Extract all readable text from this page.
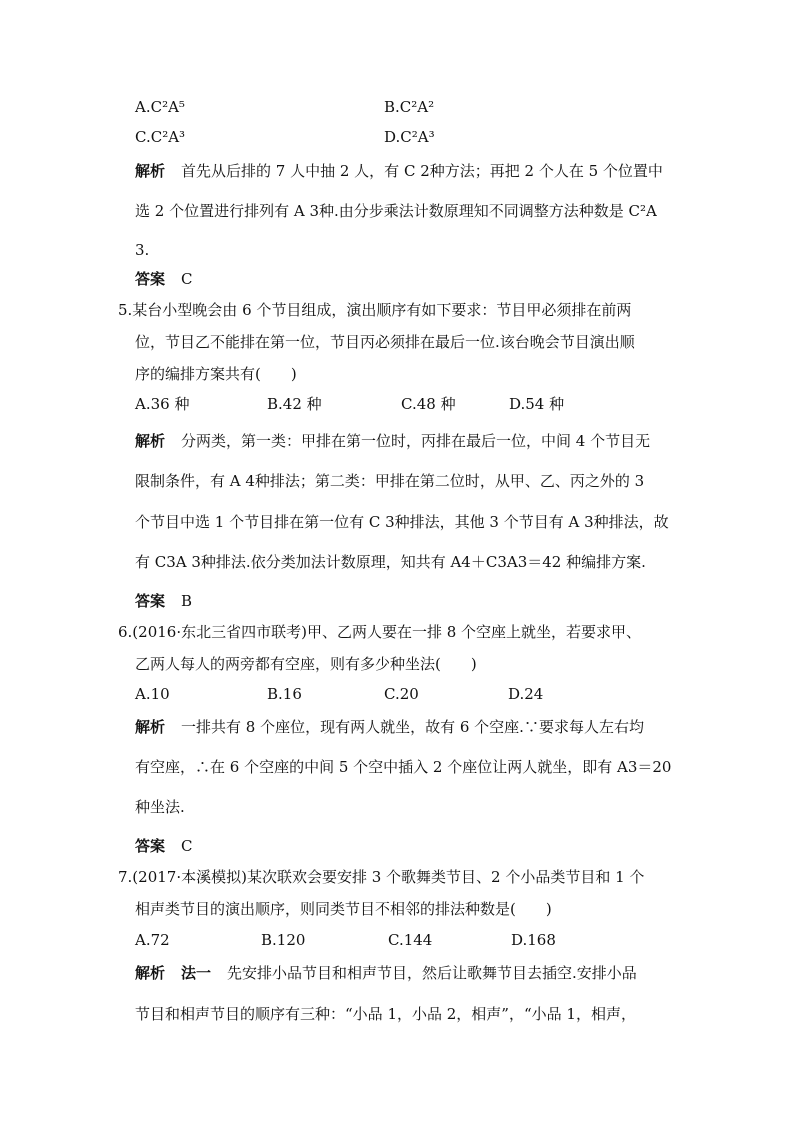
A.C²A⁵	B.C²A²
C.C²A³	D.C²A³
解析 首先从后排的 7 人中抽 2 人，有 C 2种方法；再把 2 个人在 5 个位置中
选 2 个位置进行排列有 A 3种.由分步乘法计数原理知不同调整方法种数是 C²A
3.
答案 C
5.某台小型晚会由 6 个节目组成，演出顺序有如下要求：节目甲必须排在前两
位，节目乙不能排在第一位，节目丙必须排在最后一位.该台晚会节目演出顺
序的编排方案共有(　　)
A.36 种	B.42 种	C.48 种	D.54 种
解析 分两类，第一类：甲排在第一位时，丙排在最后一位，中间 4 个节目无
限制条件，有 A 4种排法；第二类：甲排在第二位时，从甲、乙、丙之外的 3
个节目中选 1 个节目排在第一位有 C 3种排法，其他 3 个节目有 A 3种排法，故
有 C3A 3种排法.依分类加法计数原理，知共有 A4＋C3A3＝42 种编排方案.
答案 B
6.(2016·东北三省四市联考)甲、乙两人要在一排 8 个空座上就坐，若要求甲、
乙两人每人的两旁都有空座，则有多少种坐法(　　)
A.10	B.16	C.20	D.24
解析 一排共有 8 个座位，现有两人就坐，故有 6 个空座.∵要求每人左右均
有空座，∴在 6 个空座的中间 5 个空中插入 2 个座位让两人就坐，即有 A3＝20
种坐法.
答案 C
7.(2017·本溪模拟)某次联欢会要安排 3 个歌舞类节目、2 个小品类节目和 1 个
相声类节目的演出顺序，则同类节目不相邻的排法种数是(　　)
A.72	B.120	C.144	D.168
解析 法一 先安排小品节目和相声节目，然后让歌舞节目去插空.安排小品
节目和相声节目的顺序有三种：“小品 1，小品 2，相声”，“小品 1，相声，
